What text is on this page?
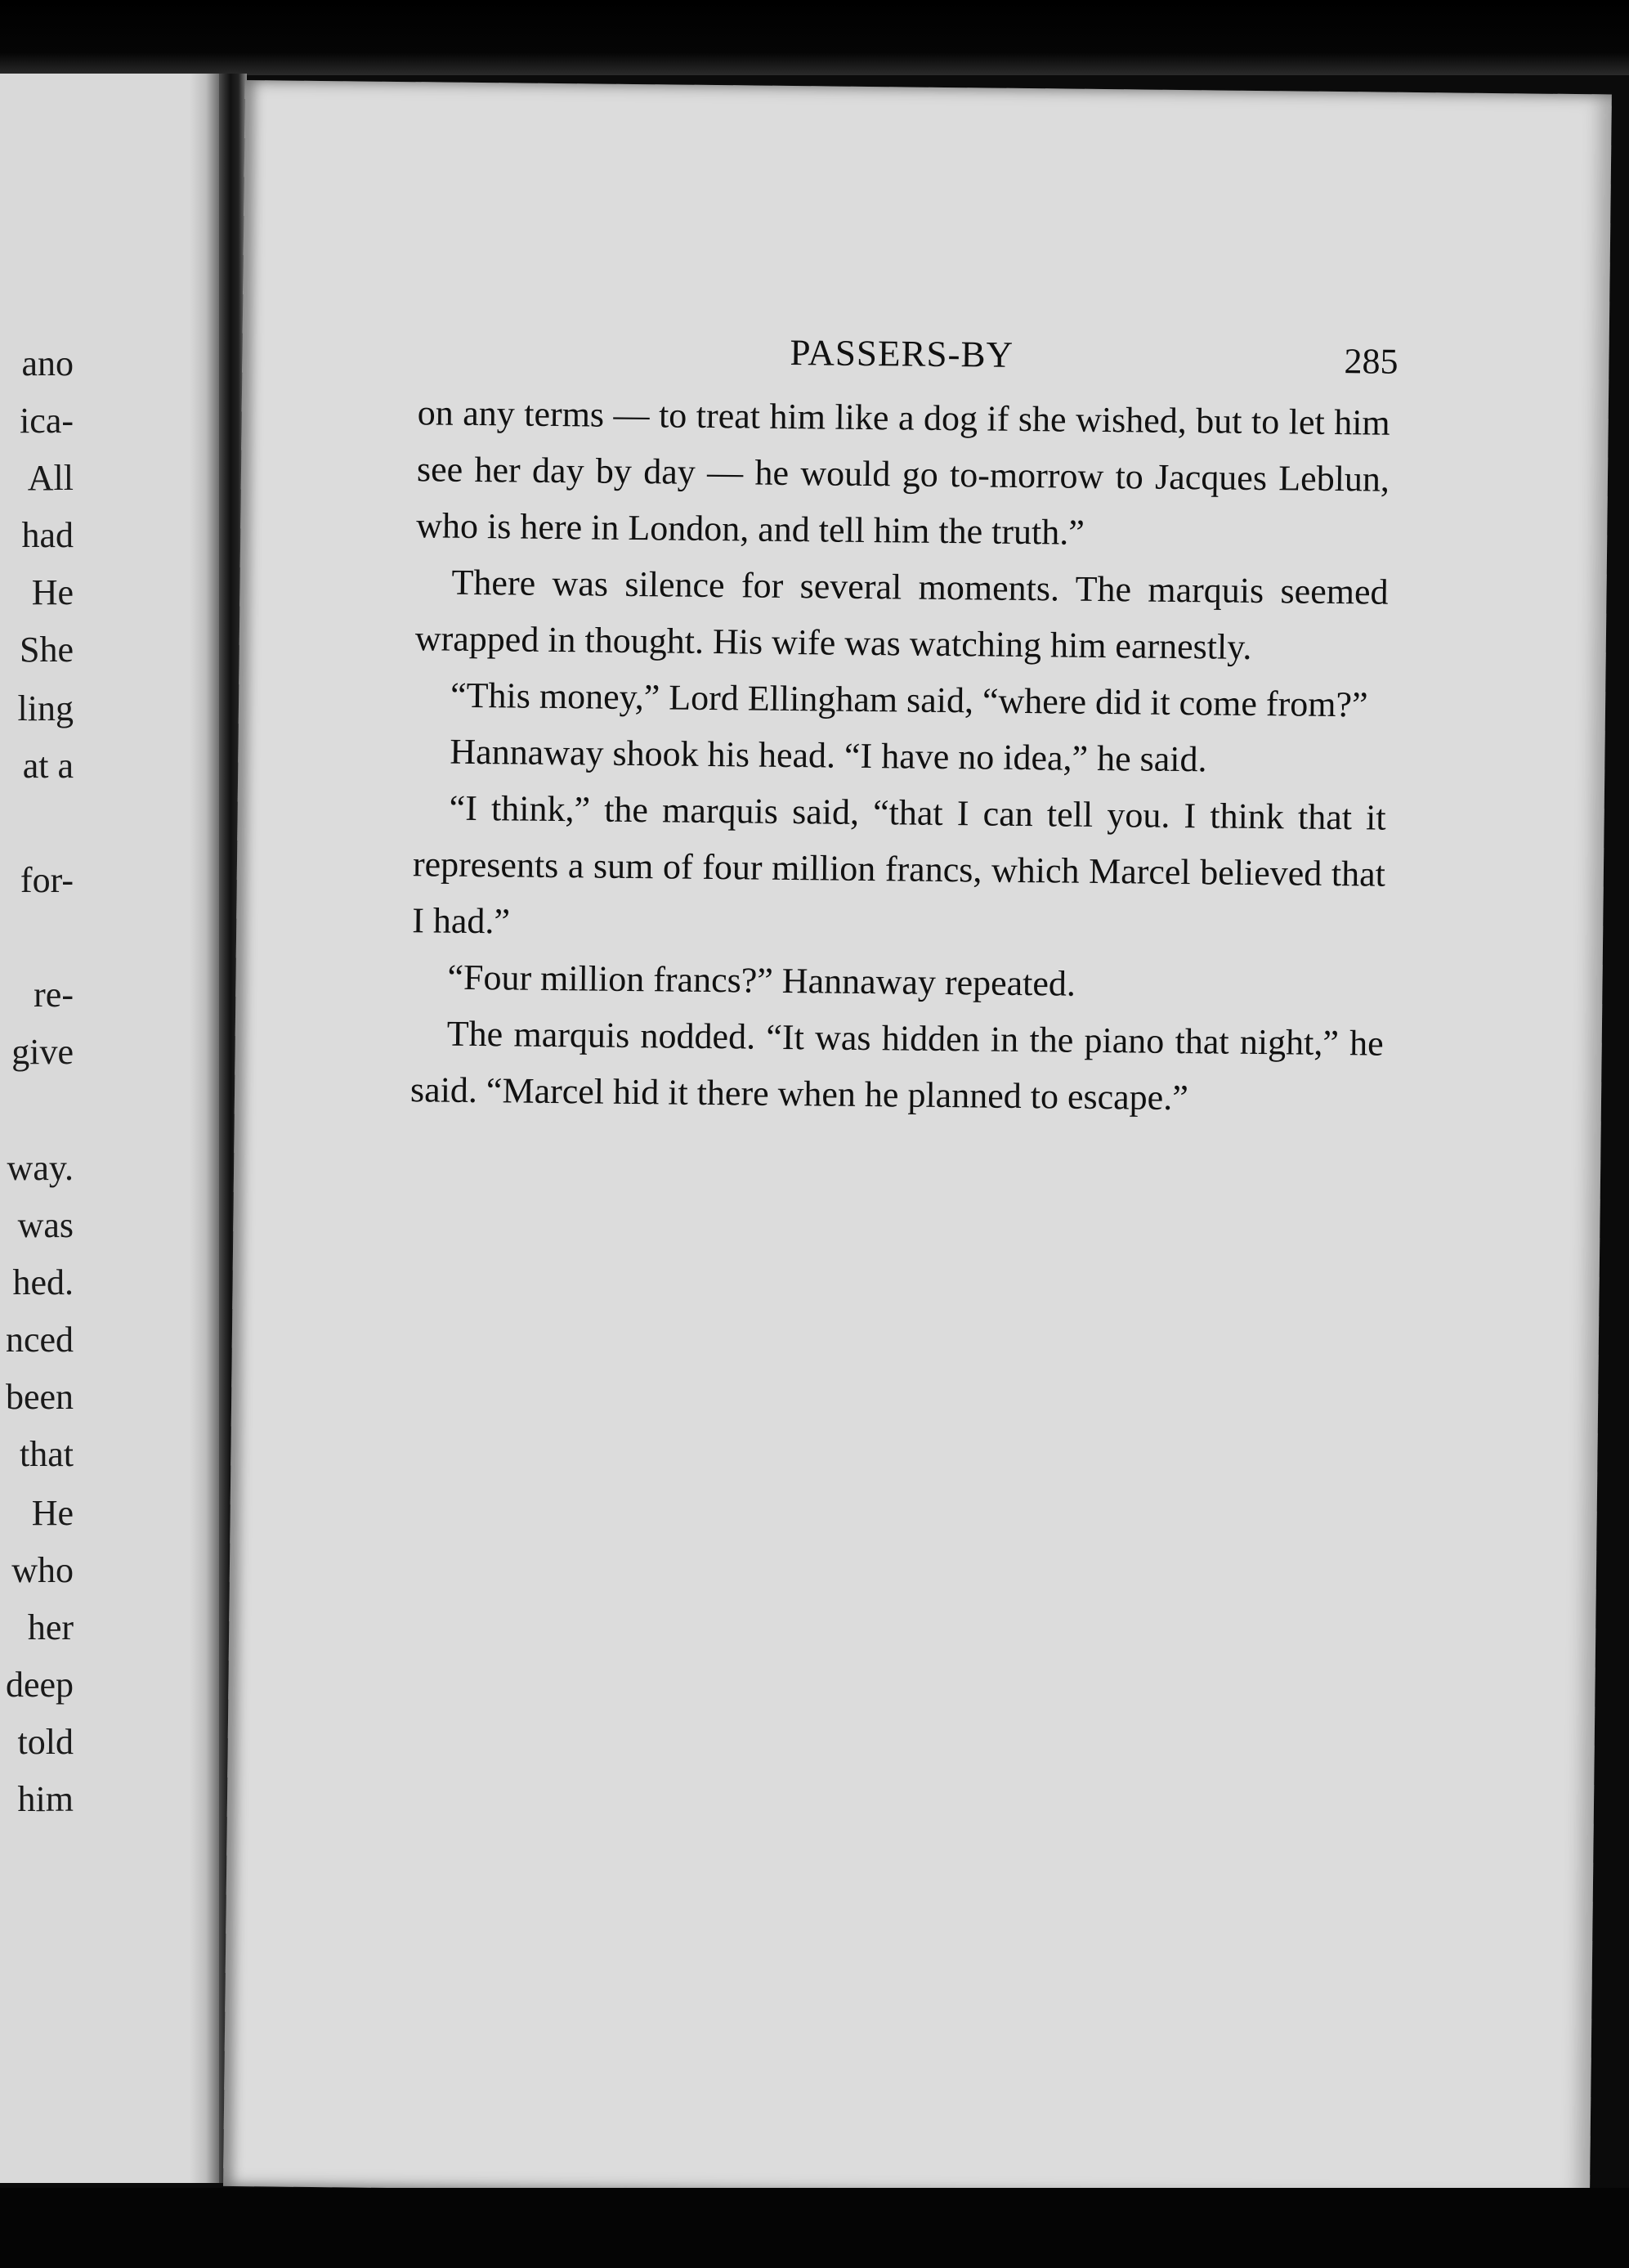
ano
ica-
All
had
He
She
ling
at a
for-
re-
give
way.
was
hed.
nced
been
that
He
who
her
deep
told
him
PASSERS-BY	285

on any terms — to treat him like a dog if she wished, but to let him see her day by day — he would go to-morrow to Jacques Leblun, who is here in London, and tell him the truth.”

There was silence for several moments. The marquis seemed wrapped in thought. His wife was watching him earnestly.

“This money,” Lord Ellingham said, “where did it come from?”

Hannaway shook his head. “I have no idea,” he said.

“I think,” the marquis said, “that I can tell you. I think that it represents a sum of four million francs, which Marcel believed that I had.”

“Four million francs?” Hannaway repeated.

The marquis nodded. “It was hidden in the piano that night,” he said. “Marcel hid it there when he planned to escape.”
